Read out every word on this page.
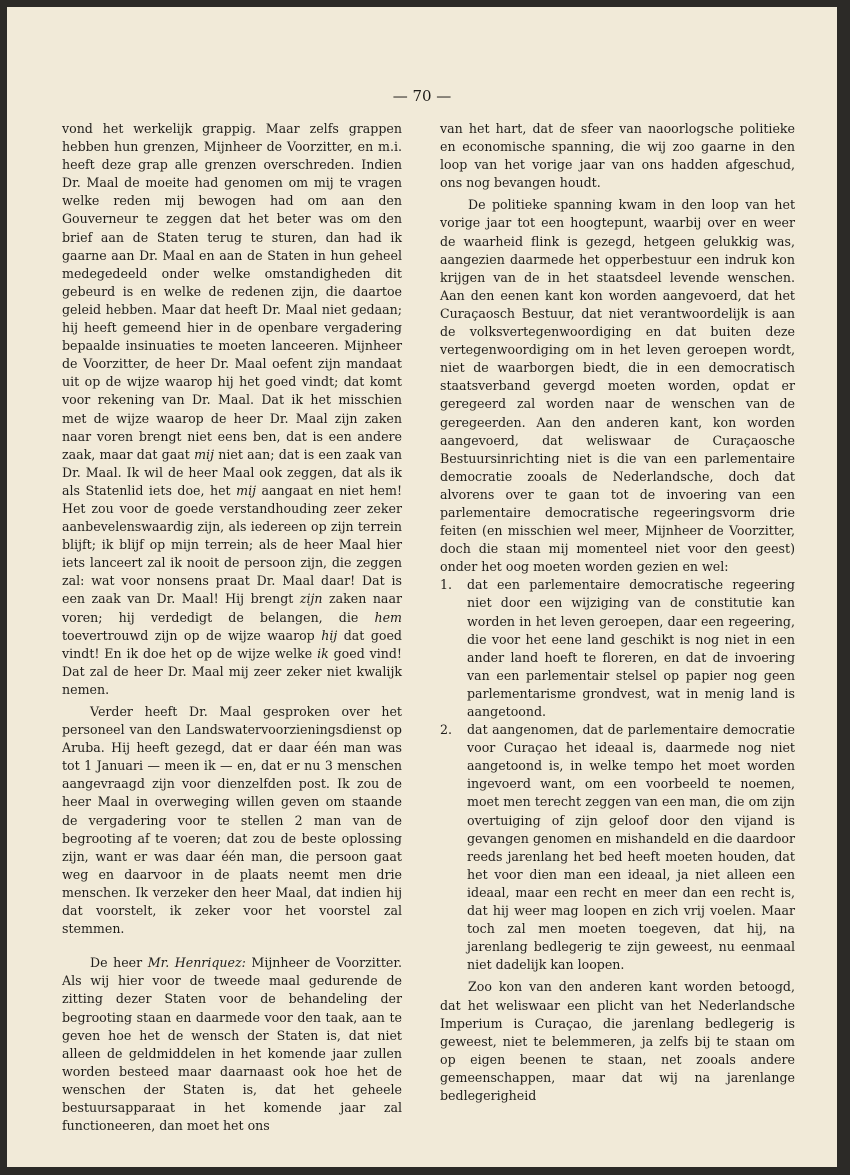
— 70 —

vond het werkelijk grappig. Maar zelfs grappen hebben hun grenzen, Mijnheer de Voorzitter, en m.i. heeft deze grap alle grenzen overschreden. Indien Dr. Maal de moeite had genomen om mij te vragen welke reden mij bewogen had om aan den Gouverneur te zeggen dat het beter was om den brief aan de Staten terug te sturen, dan had ik gaarne aan Dr. Maal en aan de Staten in hun geheel medegedeeld onder welke omstandigheden dit gebeurd is en welke de redenen zijn, die daartoe geleid hebben. Maar dat heeft Dr. Maal niet gedaan; hij heeft gemeend hier in de openbare vergadering bepaalde insinuaties te moeten lanceeren. Mijnheer de Voorzitter, de heer Dr. Maal oefent zijn mandaat uit op de wijze waarop hij het goed vindt; dat komt voor rekening van Dr. Maal. Dat ik het misschien met de wijze waarop de heer Dr. Maal zijn zaken naar voren brengt niet eens ben, dat is een andere zaak, maar dat gaat mij niet aan; dat is een zaak van Dr. Maal. Ik wil de heer Maal ook zeggen, dat als ik als Statenlid iets doe, het mij aangaat en niet hem! Het zou voor de goede verstandhouding zeer zeker aanbevelenswaardig zijn, als iedereen op zijn terrein blijft; ik blijf op mijn terrein; als de heer Maal hier iets lanceert zal ik nooit de persoon zijn, die zeggen zal: wat voor nonsens praat Dr. Maal daar! Dat is een zaak van Dr. Maal! Hij brengt zijn zaken naar voren; hij verdedigt de belangen, die hem toevertrouwd zijn op de wijze waarop hij dat goed vindt! En ik doe het op de wijze welke ik goed vind! Dat zal de heer Dr. Maal mij zeer zeker niet kwalijk nemen.

Verder heeft Dr. Maal gesproken over het personeel van den Landswatervoorzieningsdienst op Aruba. Hij heeft gezegd, dat er daar één man was tot 1 Januari — meen ik — en, dat er nu 3 menschen aangevraagd zijn voor dienzelfden post. Ik zou de heer Maal in overweging willen geven om staande de vergadering voor te stellen 2 man van de begrooting af te voeren; dat zou de beste oplossing zijn, want er was daar één man, die persoon gaat weg en daarvoor in de plaats neemt men drie menschen. Ik verzeker den heer Maal, dat indien hij dat voorstelt, ik zeker voor het voorstel zal stemmen.

De heer Mr. Henriquez: Mijnheer de Voorzitter. Als wij hier voor de tweede maal gedurende de zitting dezer Staten voor de behandeling der begrooting staan en daarmede voor den taak, aan te geven hoe het de wensch der Staten is, dat niet alleen de geldmiddelen in het komende jaar zullen worden besteed maar daarnaast ook hoe het de wenschen der Staten is, dat het geheele bestuursapparaat in het komende jaar zal functioneeren, dan moet het ons

van het hart, dat de sfeer van naoorlogsche politieke en economische spanning, die wij zoo gaarne in den loop van het vorige jaar van ons hadden afgeschud, ons nog bevangen houdt.

De politieke spanning kwam in den loop van het vorige jaar tot een hoogtepunt, waarbij over en weer de waarheid flink is gezegd, hetgeen gelukkig was, aangezien daarmede het opperbestuur een indruk kon krijgen van de in het staatsdeel levende wenschen. Aan den eenen kant kon worden aangevoerd, dat het Curaçaosch Bestuur, dat niet verantwoordelijk is aan de volksvertegenwoordiging en dat buiten deze vertegenwoordiging om in het leven geroepen wordt, niet de waarborgen biedt, die in een democratisch staatsverband gevergd moeten worden, opdat er geregeerd zal worden naar de wenschen van de geregeerden. Aan den anderen kant, kon worden aangevoerd, dat weliswaar de Curaçaosche Bestuursinrichting niet is die van een parlementaire democratie zooals de Nederlandsche, doch dat alvorens over te gaan tot de invoering van een parlementaire democratische regeeringsvorm drie feiten (en misschien wel meer, Mijnheer de Voorzitter, doch die staan mij momenteel niet voor den geest) onder het oog moeten worden gezien en wel:

1.	dat een parlementaire democratische regeering niet door een wijziging van de constitutie kan worden in het leven geroepen, daar een regeering, die voor het eene land geschikt is nog niet in een ander land hoeft te floreren, en dat de invoering van een parlementair stelsel op papier nog geen parlementarisme grondvest, wat in menig land is aangetoond.
2.	dat aangenomen, dat de parlementaire democratie voor Curaçao het ideaal is, daarmede nog niet aangetoond is, in welke tempo het moet worden ingevoerd want, om een voorbeeld te noemen, moet men terecht zeggen van een man, die om zijn overtuiging of zijn geloof door den vijand is gevangen genomen en mishandeld en die daardoor reeds jarenlang het bed heeft moeten houden, dat het voor dien man een ideaal, ja niet alleen een ideaal, maar een recht en meer dan een recht is, dat hij weer mag loopen en zich vrij voelen. Maar toch zal men moeten toegeven, dat hij, na jarenlang bedlegerig te zijn geweest, nu eenmaal niet dadelijk kan loopen.

Zoo kon van den anderen kant worden betoogd, dat het weliswaar een plicht van het Nederlandsche Imperium is Curaçao, die jarenlang bedlegerig is geweest, niet te belemmeren, ja zelfs bij te staan om op eigen beenen te staan, net zooals andere gemeenschappen, maar dat wij na jarenlange bedlegerigheid
